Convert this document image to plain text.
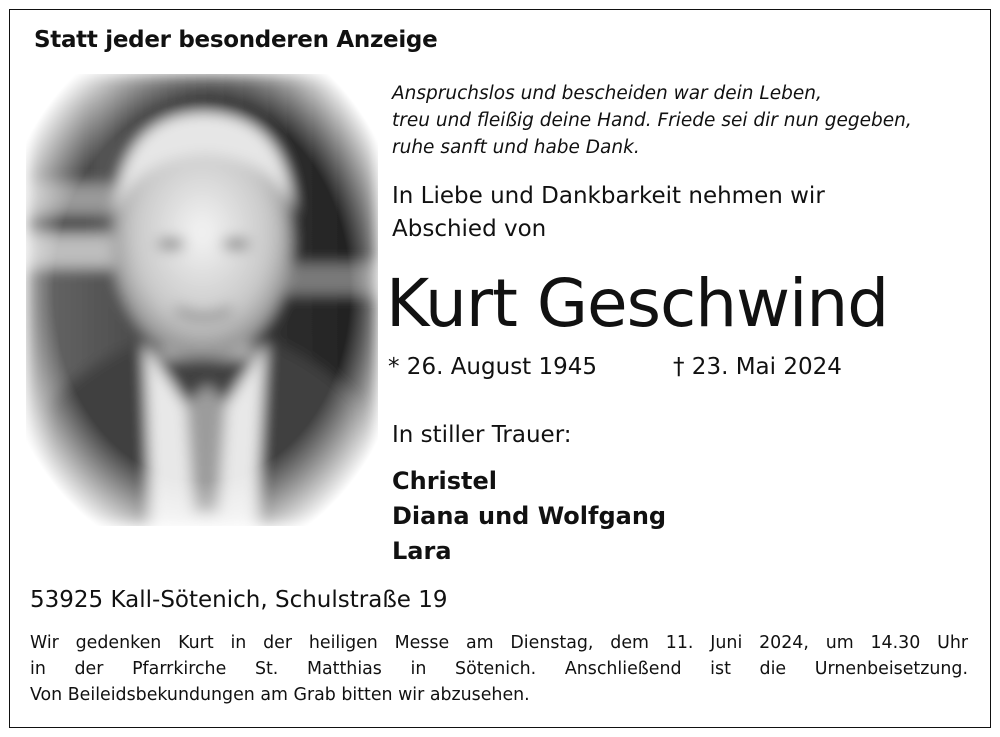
Statt jeder besonderen Anzeige
Anspruchslos und bescheiden war dein Leben,
treu und fleißig deine Hand. Friede sei dir nun gegeben,
ruhe sanft und habe Dank.
In Liebe und Dankbarkeit nehmen wir
Abschied von
Kurt Geschwind
* 26. August 1945	† 23. Mai 2024
In stiller Trauer:
Christel
Diana und Wolfgang
Lara
53925 Kall-Sötenich, Schulstraße 19
Wir gedenken Kurt in der heiligen Messe am Dienstag, dem 11. Juni 2024, um 14.30 Uhr
in der Pfarrkirche St. Matthias in Sötenich. Anschließend ist die Urnenbeisetzung.
Von Beileidsbekundungen am Grab bitten wir abzusehen.
